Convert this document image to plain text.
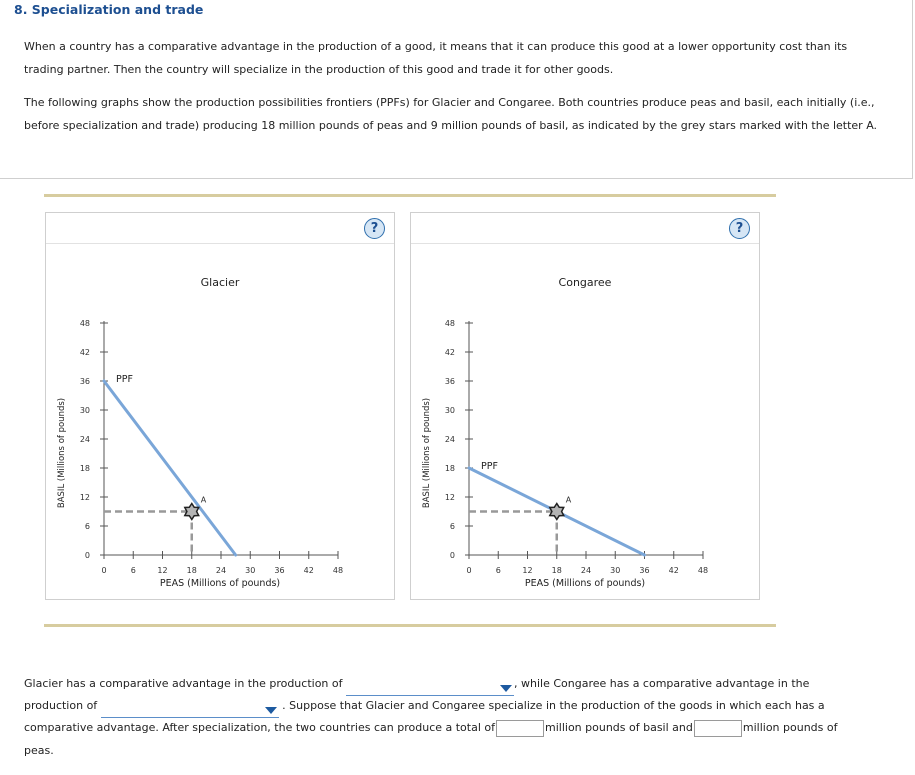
8. Specialization and trade

When a country has a comparative advantage in the production of a good, it means that it can produce this good at a lower opportunity cost than its trading partner. Then the country will specialize in the production of this good and trade it for other goods.

The following graphs show the production possibilities frontiers (PPFs) for Glacier and Congaree. Both countries produce peas and basil, each initially (i.e., before specialization and trade) producing 18 million pounds of peas and 9 million pounds of basil, as indicated by the grey stars marked with the letter A.

?
Glacier
0
0
6
6
12
12
18
18
24
24
30
30
36
36
42
42
48
48
PEAS (Millions of pounds)
BASIL (Millions of pounds)
PPF
A
?
Congaree
0
0
6
6
12
12
18
18
24
24
30
30
36
36
42
42
48
48
PEAS (Millions of pounds)
BASIL (Millions of pounds)	PPF
A

Glacier has a comparative advantage in the production of	, while Congaree has a comparative advantage in the

production of	. Suppose that Glacier and Congaree specialize in the production of the goods in which each has a

comparative advantage. After specialization, the two countries can produce a total of	million pounds of basil and	million pounds of

peas.
